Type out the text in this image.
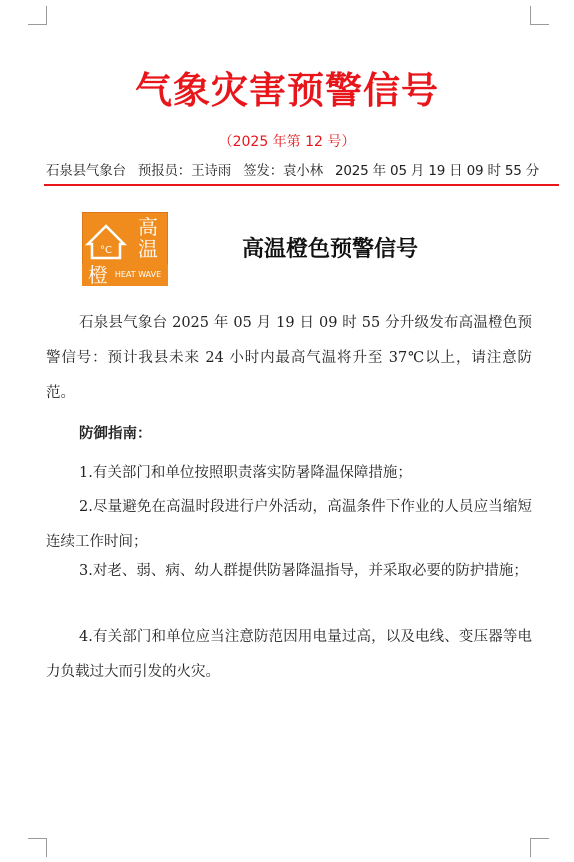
气象灾害预警信号
（2025 年第 12 号）
石泉县气象台 预报员：王诗雨 签发：袁小林 2025 年 05 月 19 日 09 时 55 分
°C
高
温
橙 HEAT WAVE
高温橙色预警信号

石泉县气象台 2025 年 05 月 19 日 09 时 55 分升级发布高温橙色预警信号：预计我县未来 24 小时内最高气温将升至 37℃以上，请注意防范。

防御指南：

1.有关部门和单位按照职责落实防暑降温保障措施；

2.尽量避免在高温时段进行户外活动，高温条件下作业的人员应当缩短连续工作时间；

3.对老、弱、病、幼人群提供防暑降温指导，并采取必要的防护措施；

4.有关部门和单位应当注意防范因用电量过高，以及电线、变压器等电力负载过大而引发的火灾。
